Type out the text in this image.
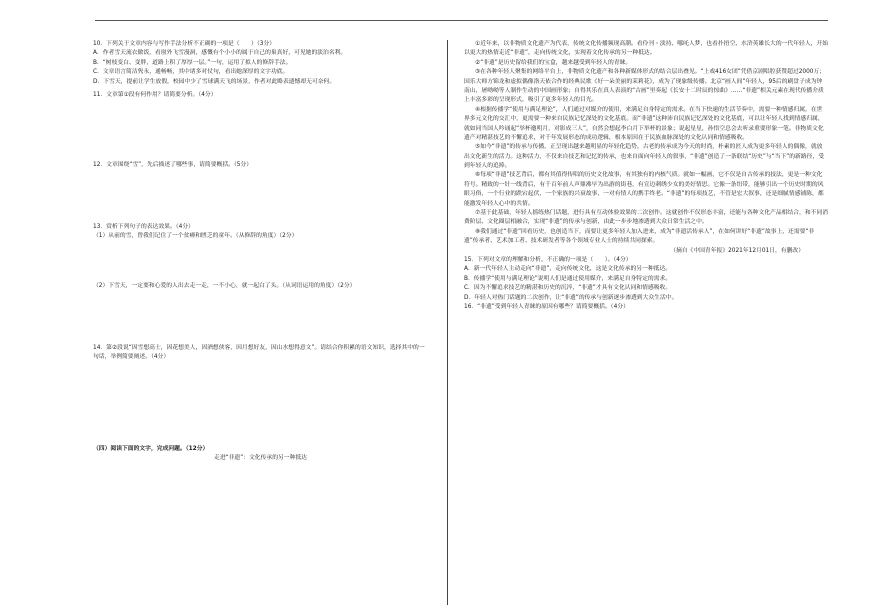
10．下列关于文章内容与写作手法分析不正确的一项是（　　）（3分）

A．作者雪天流衣做饭，看窗外飞雪漫洞，感慨有个小小的属于自己的巢真好，可见她的淡泊名利。

B．“树枝变白、变胖，道路上积了厚厚一层。”一句，运用了拟人的修辞手法。

C．文章语言简洁隽永，通畅畅，其中诸多对仗句，看出她深厚的文字功底。

D．下雪天，提前让学生放假，校园中少了雪球满天飞的场景，作者对此略表遗憾却无可奈何。

11．文章第①段有何作用？请简要分析。（4分）

12．文章围绕“雪”，先后描述了哪些事，请简要概括。（5分）

13．赏析下列句子的表达效果。（4分）

（1）从前的雪，曾我们记住了一个贫瘠和匮乏的童年。（从修辞的角度）（2分）

（2）下雪天，一定要和心爱的人出去走一走，一不小心，就一起白了头。（从词语运用的角度）（2分）

14．第②段说“因雪想高士，因花想美人，因酒想侠客，因月想好友，因山水想得意文”。请结合你积累的语文知识，选择其中的一句话，举例简要阐述。（4分）

（四）阅读下面的文字，完成问题。（12分）

走进“非遗”：文化传承的另一种抵达

①近年来，以非物质文化遗产为代表，传统文化传播频现高潮。看伶刊・淡持、哪吒人梦，也看扑捂空、水浒英雄长大的一代年轻人，开始以更大的热情走近“非遗”，走向传统文化，实现着文化传承的另一种抵达。

②“非遗”是历史留给我们的宝盒，越来越受到年轻人的青睐。

③在各种年轻人聚集的网络平台上，非物质文化遗产和各种新媒体形式的结合层出叠见。“上戏416女团”凭借京剧唱腔获赞超过2000万；国乐大师方锦龙和虚拟偶像洛天依合作的经典民歌《好一朵美丽的茉莉花》，成为了现象级传播。北京“画人间”年轻人，95后的刷盘子成为钟南山，屠呦呦等人制作生动的中国画形象；自得其乐在真人表演的“古画”里奏起《长安十二时辰的惊曲》……“非遗”相关元素在现代传播介质上丰富多彩的呈现形式，吸引了更多年轻人的目光。

④根据传播学“使用与满足理论”，人们通过对媒介的使用，来满足自身特定的需求。在当下快速的生活节奏中，需要一种情感归属，在世界多元文化的交汇中，更需要一种来自民族记忆深处的文化基底。而“非遗”这种沛自民族记忆深处的文化基底，可以让年轻人找到情感归属，就如同当国人吟诵起“举杯邀明月，对影成三人”，自然会想起李白月下举杯的景象；说起星星，孙悟空总会去听录重要形象一笔。非物质文化遗产对精湛技艺的不懈追求，对千年发展形态的成功逻辑，根本原因在于民族血脉深处的文化认同和情感吸收。

⑤如今“非遗”的传承与传播，正呈现出越来越明显的年轻化趋势。古老的传承成为今天的时尚，朴素的匠人成为更多年轻人的偶像，就放出文化新生的活力。这种活力，不仅来自技艺和记忆的传承，也来自面向年轻人的叙事，“非遗”创造了一条联结“历史”与“当下”的新路径，受到年轻人的追捧。

⑥每项“非遗”技艺背后，都有其值得传唱的历史文化故事，有其独有的内核气质。就如一幅画，它不仅是自古传承的技法，更是一种文化符号。精致的一针一线背后，有千百年前人声鼎沸早为出游的街巷，有宣边刺绣少女的美好情思。它像一条纽带，能够引出一个历史时期的风眼习俗，一个行业的跌宕起伏，一个家族的兴衰故事，一对有情人的携手终老。“非遗”的每项技艺，不管是宏大叙事，还是细腻情感铺陈，都能激发年轻人心中的共情。

⑦基于此基础，年轻人摇练热门话题，进行具有互动体验效果的二次创作。这就创作不仅形态丰富，还能与各种文化产品相结合，和不同消费阶层、文化圈层相融合，实现“非遗”的传承与创新，由此一步步地渗透到大众日常生活之中。

⑧我们通过“非遗”回看历史，也创造当下，而要让更多年轻人加入进来，成为“非遗活传承人”，在如何讲好“非遗”故事上，还需要“非遗”传承者、艺术加工者、技术研发者等各个领域专业人士的持续共同探索。

（摘自《中国青年报》2021年12月01日，有删改）

15．下列对文章的理解和分析，不正确的一项是（　　）。（4分）

A．新一代年轻人主动走向“非遗”，走向传统文化，这是文化传承的另一种抵达。

B．传播学“使用与满足理论”说明人们是通过使用媒介，来满足自身特定的需求。

C．因为不懈追求技艺的精湛和历史的沉淬，“非遗”才具有文化认同和情感吸收。

D．年轻人对热门话题的二次创作，让“非遗”的传承与创新逐步渗透到大众生活中。

16．“非遗”受到年轻人青睐的原因有哪些？请简要概括。（4分）
